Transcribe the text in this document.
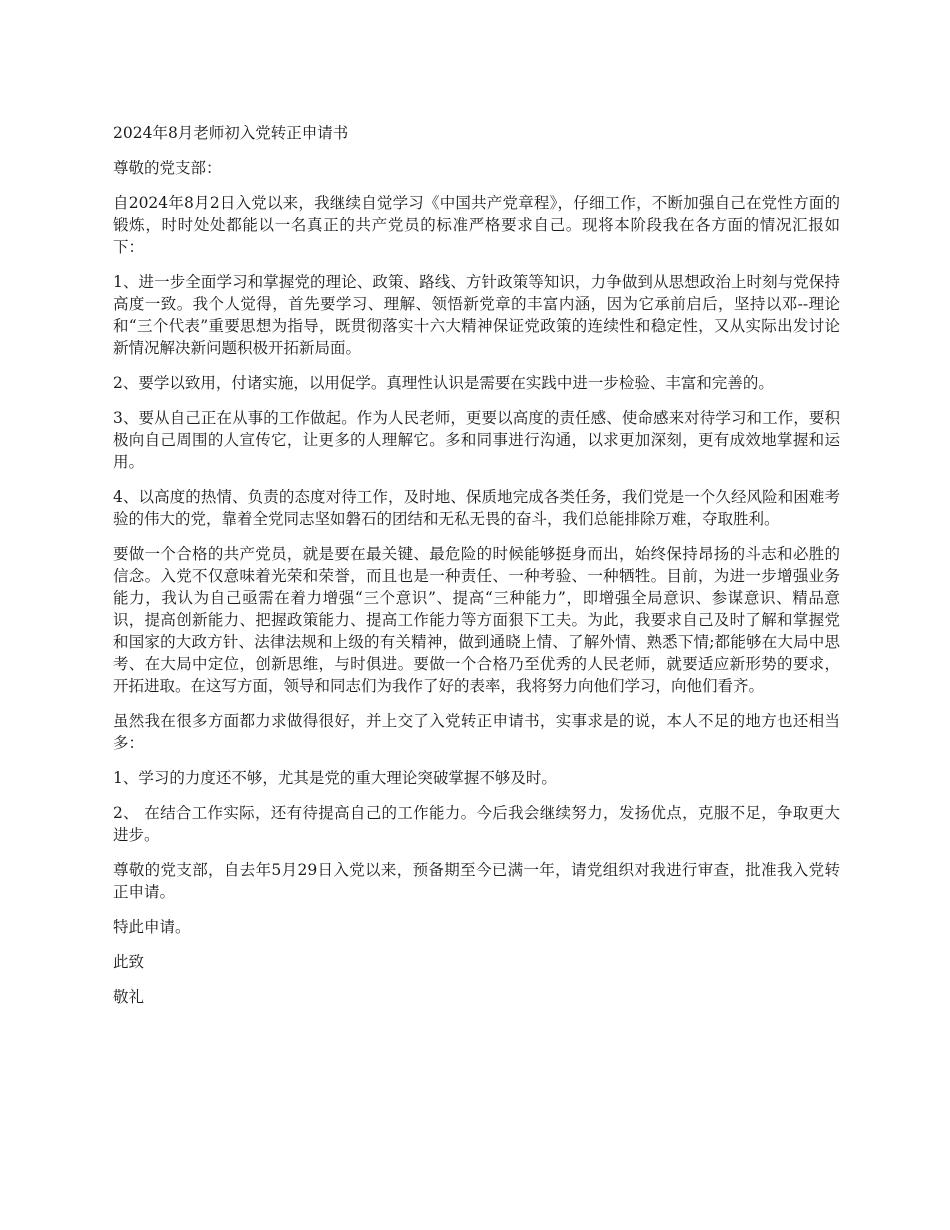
2024年8月老师初入党转正申请书

尊敬的党支部：

自2024年8月2日入党以来，我继续自觉学习《中国共产党章程》，仔细工作，不断加强自己在党性方面的锻炼，时时处处都能以一名真正的共产党员的标准严格要求自己。现将本阶段我在各方面的情况汇报如下：

1、进一步全面学习和掌握党的理论、政策、路线、方针政策等知识，力争做到从思想政治上时刻与党保持高度一致。我个人觉得，首先要学习、理解、领悟新党章的丰富内涵，因为它承前启后，坚持以邓--理论和“三个代表”重要思想为指导，既贯彻落实十六大精神保证党政策的连续性和稳定性，又从实际出发讨论新情况解决新问题积极开拓新局面。

2、要学以致用，付诸实施，以用促学。真理性认识是需要在实践中进一步检验、丰富和完善的。

3、要从自己正在从事的工作做起。作为人民老师，更要以高度的责任感、使命感来对待学习和工作，要积极向自己周围的人宣传它，让更多的人理解它。多和同事进行沟通，以求更加深刻，更有成效地掌握和运用。

4、以高度的热情、负责的态度对待工作，及时地、保质地完成各类任务，我们党是一个久经风险和困难考验的伟大的党，靠着全党同志坚如磐石的团结和无私无畏的奋斗，我们总能排除万难，夺取胜利。

要做一个合格的共产党员，就是要在最关键、最危险的时候能够挺身而出，始终保持昂扬的斗志和必胜的信念。入党不仅意味着光荣和荣誉，而且也是一种责任、一种考验、一种牺牲。目前，为进一步增强业务能力，我认为自己亟需在着力增强“三个意识”、提高“三种能力”，即增强全局意识、参谋意识、精品意识，提高创新能力、把握政策能力、提高工作能力等方面狠下工夫。为此，我要求自己及时了解和掌握党和国家的大政方针、法律法规和上级的有关精神，做到通晓上情、了解外情、熟悉下情;都能够在大局中思考、在大局中定位，创新思维，与时俱进。要做一个合格乃至优秀的人民老师，就要适应新形势的要求，开拓进取。在这写方面，领导和同志们为我作了好的表率，我将努力向他们学习，向他们看齐。

虽然我在很多方面都力求做得很好，并上交了入党转正申请书，实事求是的说，本人不足的地方也还相当多：

1、学习的力度还不够，尤其是党的重大理论突破掌握不够及时。

2、 在结合工作实际，还有待提高自己的工作能力。今后我会继续努力，发扬优点，克服不足，争取更大进步。

尊敬的党支部，自去年5月29日入党以来，预备期至今已满一年，请党组织对我进行审查，批准我入党转正申请。

特此申请。

此致

敬礼
